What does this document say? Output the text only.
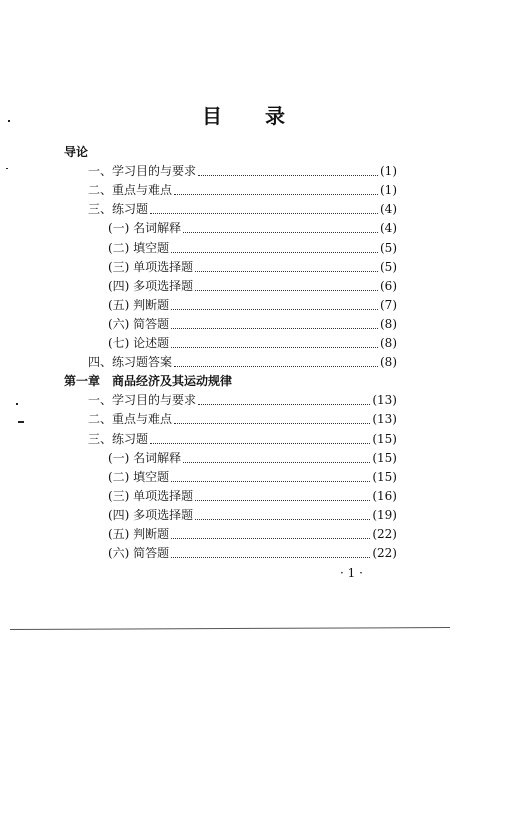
目 录
导论
一、学习目的与要求	(1)
二、重点与难点	(1)
三、练习题	(4)
(一) 名词解释	(4)
(二) 填空题	(5)
(三) 单项选择题	(5)
(四) 多项选择题	(6)
(五) 判断题	(7)
(六) 简答题	(8)
(七) 论述题	(8)
四、练习题答案	(8)
第一章　商品经济及其运动规律
一、学习目的与要求	(13)
二、重点与难点	(13)
三、练习题	(15)
(一) 名词解释	(15)
(二) 填空题	(15)
(三) 单项选择题	(16)
(四) 多项选择题	(19)
(五) 判断题	(22)
(六) 简答题	(22)
· 1 ·
